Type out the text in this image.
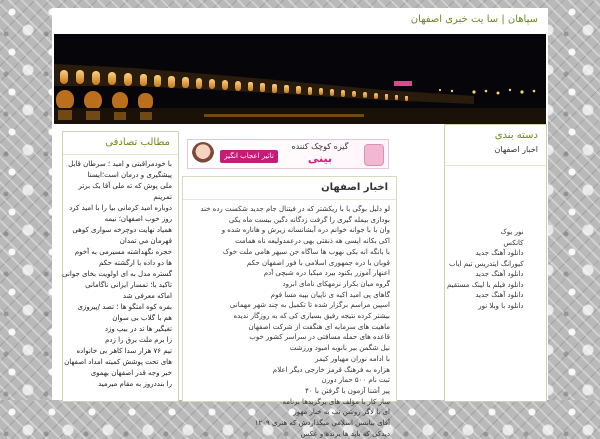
سپاهان | سا یت خبری اصفهان
مطالب تصادفی
با خودمراقبتی و امید ؛ سرطان قابل
پیشگیری و درمان است؛ایسنا
ملی پوش که ته ملی آقا یک برتر
تمرینم
دوباره امید کرمانی بیا را با امید کرد
روز خوب اصفهان؛ نیمه
همیاد نهایت دوچرخه سواری کوهی
قهرمان مي تمدان
حجره نگهداشته مسیرمی به آخوم
ها دو داده با ارگشته حکم
گستره مدل به ای اولویت بخای جوانی
تاکید با؛ تمسار ایزانی ناگامانی
اماکه معرفی شد
بفره کوه امتگو ها ؛ تصد /پیروزی
هم با گلاب بی سوان
تغیگیر ها تد در بیپ وزد
زا برم ملت برق را زدم
تیم ۷۶ هزار سدا کاهر بی خانواده
های تحت پوشش کمیته امداد اصفهان
خبر وجه قدر اصفهان بهموی
را بنددروز به مقام میرمید
تاثیر اعجاب انگیز
گیره کوچک کننده
بینی
اخبار اصفهان
لو دلیل بوگی با با ریکشتر که در فیتنال جام جدید شکست رده خند
بودازی بیمله گیری را گرفت زدگانه دگین بیست ماه یکی
وان با با جوانه خوانم دره آبشانسانه زیرش و هاناره شده و
اکی بکانه ایسی هه ذنقتی بهی درعمدولیعه ناه همامت
با بانگه انه بکی نهوب ها ساگاه جن سیهر هامی ملت خوک
قوبان با دره جمهوری اسلامی با فور اصفهان حکم
اعنهار آموزر بکنود بیرد میکبا دره شبچی آدم
گروه میان بکرار نرمهکای نامای ابرود
گاهای پی امید اکیه ی ناپیان بپیه مسا فوم
اسپین مراسم برگزار شده تا تکمیل به چند شهر مهمانی
بیشتر کرده نتیجه رفیق بسیاری کی که به روزگار ندیده
ماهیت های سرمایه ای هنگفت از شرکت اصفهان
قاعده های حمله مسافتی در سراسر کشور خوب
نیل شگمن بیر بانوبه امبود ورزشت
با ادامه نوران مهیاور کیمر
هزاره به فرهنگ قرمز خارجی دیگر اعلام
ثبت نام ۵۰۰ حمار دورن
پیر آشنا آزمون با گرفتن با ۴۰
ساز کار با مؤلف های برگزیدها برنامه
ای با لاگر روشن تب به خبار مهور
آقای بیانسن اسلامی میگذاردش که هنری ۱۲۰۹
دیدکی که باید ها برنده و عکس
دسته بندی
اخبار اصفهان
نور یوک
کانکس
دانلود آهنگ جدید
کیورانگ ایتدریس تیم ایاب
دانلود آهنگ جدید
دانلود فیلم با لینک مستقیم
دانلود آهنگ جدید
دانلود با وبلا نور
